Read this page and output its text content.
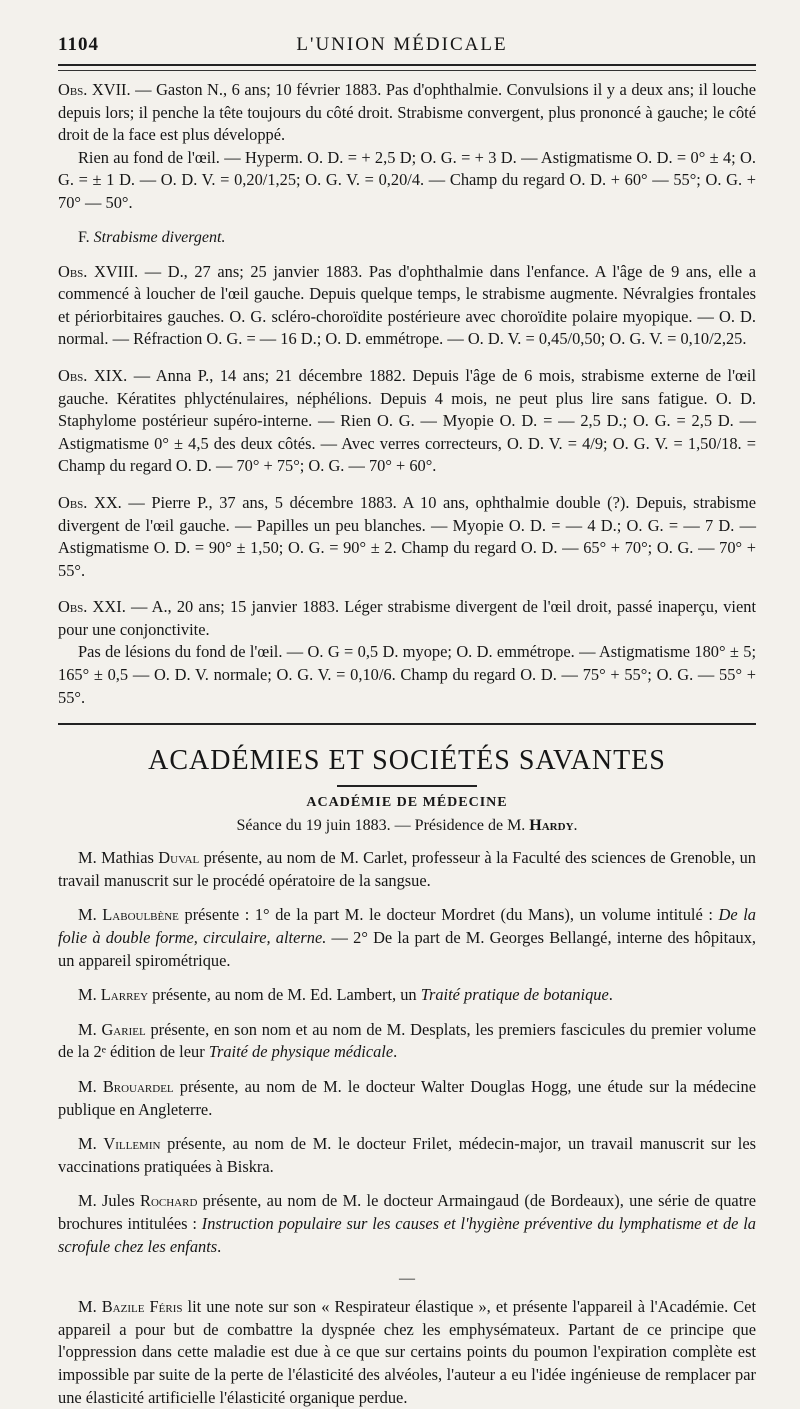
1104	L'UNION MÉDICALE

Obs. XVII. — Gaston N., 6 ans; 10 février 1883. Pas d'ophthalmie. Convulsions il y a deux ans; il louche depuis lors; il penche la tête toujours du côté droit. Strabisme convergent, plus prononcé à gauche; le côté droit de la face est plus développé.

Rien au fond de l'œil. — Hyperm. O. D. = + 2,5 D; O. G. = + 3 D. — Astigmatisme O. D. = 0° ± 4; O. G. = ± 1 D. — O. D. V. = 0,20/1,25; O. G. V. = 0,20/4. — Champ du regard O. D. + 60° — 55°; O. G. + 70° — 50°.

F. Strabisme divergent.

Obs. XVIII. — D., 27 ans; 25 janvier 1883. Pas d'ophthalmie dans l'enfance. A l'âge de 9 ans, elle a commencé à loucher de l'œil gauche. Depuis quelque temps, le strabisme augmente. Névralgies frontales et périorbitaires gauches. O. G. scléro-choroïdite postérieure avec choroïdite polaire myopique. — O. D. normal. — Réfraction O. G. = — 16 D.; O. D. emmétrope. — O. D. V. = 0,45/0,50; O. G. V. = 0,10/2,25.

Obs. XIX. — Anna P., 14 ans; 21 décembre 1882. Depuis l'âge de 6 mois, strabisme externe de l'œil gauche. Kératites phlycténulaires, néphélions. Depuis 4 mois, ne peut plus lire sans fatigue. O. D. Staphylome postérieur supéro-interne. — Rien O. G. — Myopie O. D. = — 2,5 D.; O. G. = 2,5 D. — Astigmatisme 0° ± 4,5 des deux côtés. — Avec verres correcteurs, O. D. V. = 4/9; O. G. V. = 1,50/18. = Champ du regard O. D. — 70° + 75°; O. G. — 70° + 60°.

Obs. XX. — Pierre P., 37 ans, 5 décembre 1883. A 10 ans, ophthalmie double (?). Depuis, strabisme divergent de l'œil gauche. — Papilles un peu blanches. — Myopie O. D. = — 4 D.; O. G. = — 7 D. — Astigmatisme O. D. = 90° ± 1,50; O. G. = 90° ± 2. Champ du regard O. D. — 65° + 70°; O. G. — 70° + 55°.

Obs. XXI. — A., 20 ans; 15 janvier 1883. Léger strabisme divergent de l'œil droit, passé inaperçu, vient pour une conjonctivite.

Pas de lésions du fond de l'œil. — O. G = 0,5 D. myope; O. D. emmétrope. — Astigmatisme 180° ± 5; 165° ± 0,5 — O. D. V. normale; O. G. V. = 0,10/6. Champ du regard O. D. — 75° + 55°; O. G. — 55° + 55°.

ACADÉMIES ET SOCIÉTÉS SAVANTES
ACADÉMIE DE MÉDECINE
Séance du 19 juin 1883. — Présidence de M. Hardy.

M. Mathias Duval présente, au nom de M. Carlet, professeur à la Faculté des sciences de Grenoble, un travail manuscrit sur le procédé opératoire de la sangsue.

M. Laboulbène présente : 1° de la part M. le docteur Mordret (du Mans), un volume intitulé : De la folie à double forme, circulaire, alterne. — 2° De la part de M. Georges Bellangé, interne des hôpitaux, un appareil spirométrique.

M. Larrey présente, au nom de M. Ed. Lambert, un Traité pratique de botanique.

M. Gariel présente, en son nom et au nom de M. Desplats, les premiers fascicules du premier volume de la 2ᵉ édition de leur Traité de physique médicale.

M. Brouardel présente, au nom de M. le docteur Walter Douglas Hogg, une étude sur la médecine publique en Angleterre.

M. Villemin présente, au nom de M. le docteur Frilet, médecin-major, un travail manuscrit sur les vaccinations pratiquées à Biskra.

M. Jules Rochard présente, au nom de M. le docteur Armaingaud (de Bordeaux), une série de quatre brochures intitulées : Instruction populaire sur les causes et l'hygiène préventive du lymphatisme et de la scrofule chez les enfants.

—

M. Bazile Féris lit une note sur son « Respirateur élastique », et présente l'appareil à l'Académie. Cet appareil a pour but de combattre la dyspnée chez les emphysémateux. Partant de ce principe que l'oppression dans cette maladie est due à ce que sur certains points du poumon l'expiration complète est impossible par suite de la perte de l'élasticité des alvéoles, l'auteur a eu l'idée ingénieuse de remplacer par une élasticité artificielle l'élasticité organique perdue.
